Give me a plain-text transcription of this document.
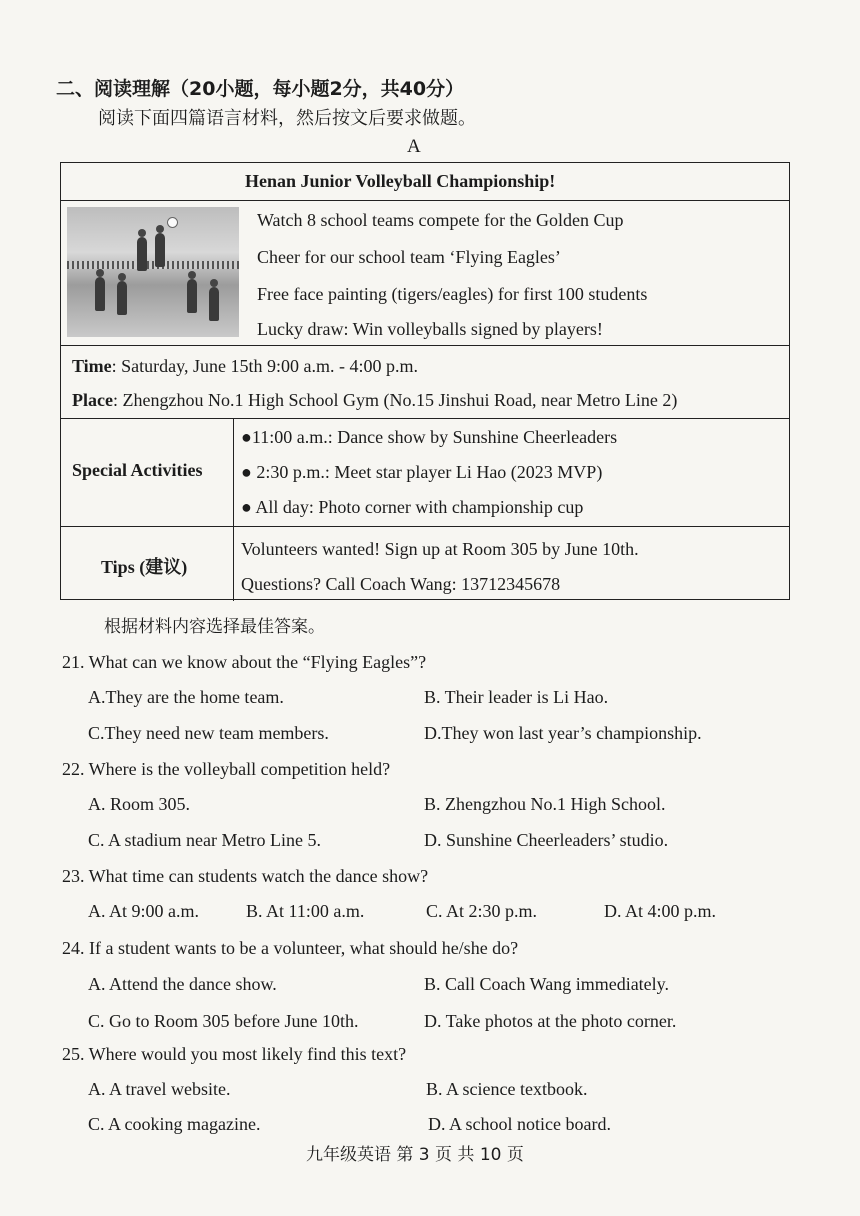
二、阅读理解（20小题，每小题2分，共40分）
阅读下面四篇语言材料，然后按文后要求做题。
A
Henan Junior Volleyball Championship!
Watch 8 school teams compete for the Golden Cup
Cheer for our school team ‘Flying Eagles’
Free face painting (tigers/eagles) for first 100 students
Lucky draw: Win volleyballs signed by players!
Time: Saturday, June 15th 9:00 a.m. - 4:00 p.m.
Place: Zhengzhou No.1 High School Gym (No.15 Jinshui Road, near Metro Line 2)
Special Activities
●11:00 a.m.: Dance show by Sunshine Cheerleaders
● 2:30 p.m.: Meet star player Li Hao (2023 MVP)
● All day: Photo corner with championship cup
Tips (建议)
Volunteers wanted! Sign up at Room 305 by June 10th.
Questions? Call Coach Wang: 13712345678
根据材料内容选择最佳答案。
21. What can we know about the “Flying Eagles”?
A.They are the home team.	B. Their leader is Li Hao.
C.They need new team members.	D.They won last year’s championship.
22. Where is the volleyball competition held?
A. Room 305.	B. Zhengzhou No.1 High School.
C. A stadium near Metro Line 5.	D. Sunshine Cheerleaders’ studio.
23. What time can students watch the dance show?
A. At 9:00 a.m.	B. At 11:00 a.m.	C. At 2:30 p.m.	D. At 4:00 p.m.
24. If a student wants to be a volunteer, what should he/she do?
A. Attend the dance show.	B. Call Coach Wang immediately.
C. Go to Room 305 before June 10th.	D. Take photos at the photo corner.
25. Where would you most likely find this text?
A. A travel website.	B. A science textbook.
C. A cooking magazine.	D. A school notice board.
九年级英语 第 3 页 共 10 页
